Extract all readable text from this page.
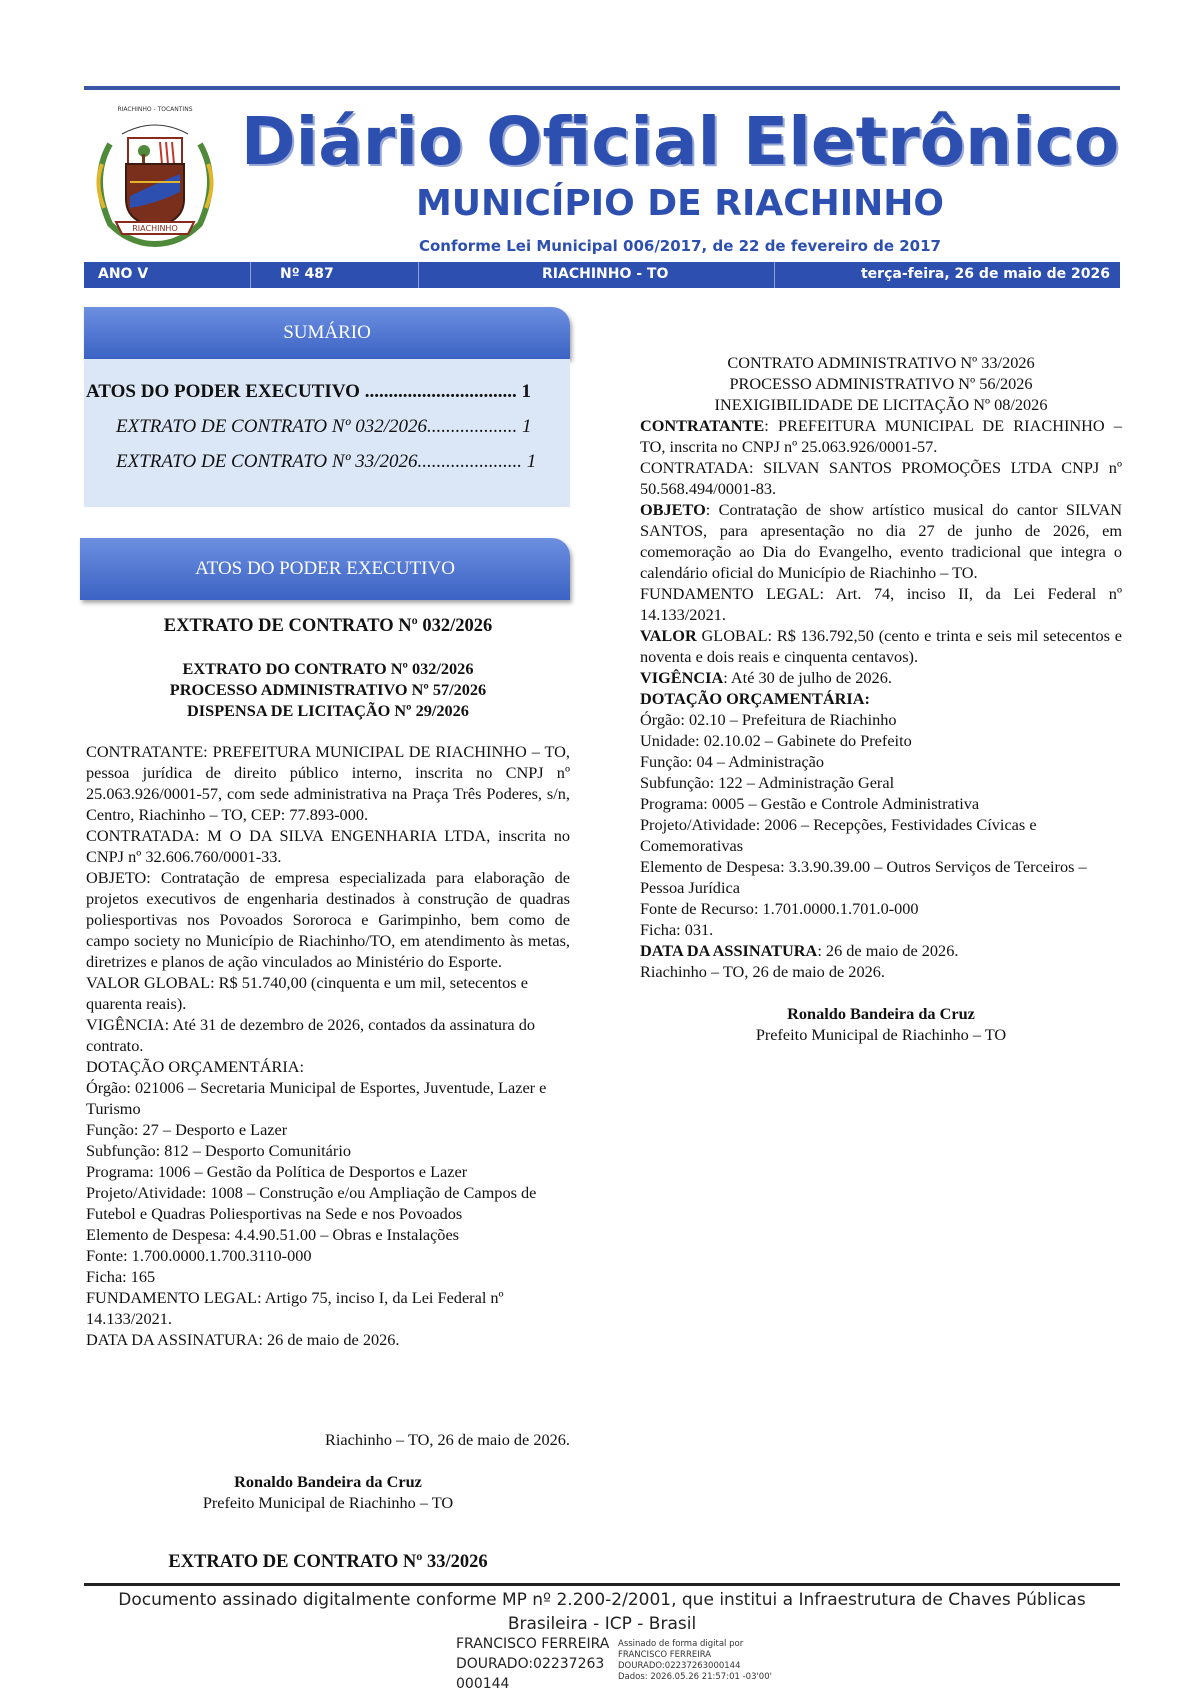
RIACHINHO
RIACHINHO - TOCANTINS Diário Oficial Eletrônico
MUNICÍPIO DE RIACHINHO
Conforme Lei Municipal 006/2017, de 22 de fevereiro de 2017
ANO V	Nº 487	RIACHINHO - TO	terça-feira, 26 de maio de 2026
SUMÁRIO
ATOS DO PODER EXECUTIVO ................................ 1
EXTRATO DE CONTRATO Nº 032/2026................... 1
EXTRATO DE CONTRATO Nº 33/2026...................... 1
ATOS DO PODER EXECUTIVO
EXTRATO DE CONTRATO Nº 032/2026

EXTRATO DO CONTRATO Nº 032/2026

PROCESSO ADMINISTRATIVO Nº 57/2026

DISPENSA DE LICITAÇÃO Nº 29/2026

CONTRATANTE: PREFEITURA MUNICIPAL DE RIACHINHO – TO, pessoa jurídica de direito público interno, inscrita no CNPJ nº 25.063.926/0001-57, com sede administrativa na Praça Três Poderes, s/n, Centro, Riachinho – TO, CEP: 77.893-000.

CONTRATADA: M O DA SILVA ENGENHARIA LTDA, inscrita no CNPJ nº 32.606.760/0001-33.

OBJETO: Contratação de empresa especializada para elaboração de projetos executivos de engenharia destinados à construção de quadras poliesportivas nos Povoados Sororoca e Garimpinho, bem como de campo society no Município de Riachinho/TO, em atendimento às metas, diretrizes e planos de ação vinculados ao Ministério do Esporte.

VALOR GLOBAL: R$ 51.740,00 (cinquenta e um mil, setecentos e quarenta reais).

VIGÊNCIA: Até 31 de dezembro de 2026, contados da assinatura do contrato.

DOTAÇÃO ORÇAMENTÁRIA:

Órgão: 021006 – Secretaria Municipal de Esportes, Juventude, Lazer e Turismo

Função: 27 – Desporto e Lazer

Subfunção: 812 – Desporto Comunitário

Programa: 1006 – Gestão da Política de Desportos e Lazer

Projeto/Atividade: 1008 – Construção e/ou Ampliação de Campos de Futebol e Quadras Poliesportivas na Sede e nos Povoados

Elemento de Despesa: 4.4.90.51.00 – Obras e Instalações

Fonte: 1.700.0000.1.700.3110-000

Ficha: 165

FUNDAMENTO LEGAL: Artigo 75, inciso I, da Lei Federal nº 14.133/2021.

DATA DA ASSINATURA: 26 de maio de 2026.

Riachinho – TO, 26 de maio de 2026.
Ronaldo Bandeira da Cruz
Prefeito Municipal de Riachinho – TO
EXTRATO DE CONTRATO Nº 33/2026

CONTRATO ADMINISTRATIVO Nº 33/2026

PROCESSO ADMINISTRATIVO Nº 56/2026

INEXIGIBILIDADE DE LICITAÇÃO Nº 08/2026

CONTRATANTE: PREFEITURA MUNICIPAL DE RIACHINHO – TO, inscrita no CNPJ nº 25.063.926/0001-57.

CONTRATADA: SILVAN SANTOS PROMOÇÕES LTDA CNPJ nº 50.568.494/0001-83.

OBJETO: Contratação de show artístico musical do cantor SILVAN SANTOS, para apresentação no dia 27 de junho de 2026, em comemoração ao Dia do Evangelho, evento tradicional que integra o calendário oficial do Município de Riachinho – TO.

FUNDAMENTO LEGAL: Art. 74, inciso II, da Lei Federal nº 14.133/2021.

VALOR GLOBAL: R$ 136.792,50 (cento e trinta e seis mil setecentos e noventa e dois reais e cinquenta centavos).

VIGÊNCIA: Até 30 de julho de 2026.

DOTAÇÃO ORÇAMENTÁRIA:

Órgão: 02.10 – Prefeitura de Riachinho

Unidade: 02.10.02 – Gabinete do Prefeito

Função: 04 – Administração

Subfunção: 122 – Administração Geral

Programa: 0005 – Gestão e Controle Administrativa

Projeto/Atividade: 2006 – Recepções, Festividades Cívicas e Comemorativas

Elemento de Despesa: 3.3.90.39.00 – Outros Serviços de Terceiros – Pessoa Jurídica

Fonte de Recurso: 1.701.0000.1.701.0-000

Ficha: 031.

DATA DA ASSINATURA: 26 de maio de 2026.

Riachinho – TO, 26 de maio de 2026.

Ronaldo Bandeira da Cruz
Prefeito Municipal de Riachinho – TO
Documento assinado digitalmente conforme MP nº 2.200-2/2001, que institui a Infraestrutura de Chaves Públicas
Brasileira - ICP - Brasil
FRANCISCO FERREIRA
DOURADO:02237263
000144
Assinado de forma digital por
FRANCISCO FERREIRA
DOURADO:02237263000144
Dados: 2026.05.26 21:57:01 -03'00'
